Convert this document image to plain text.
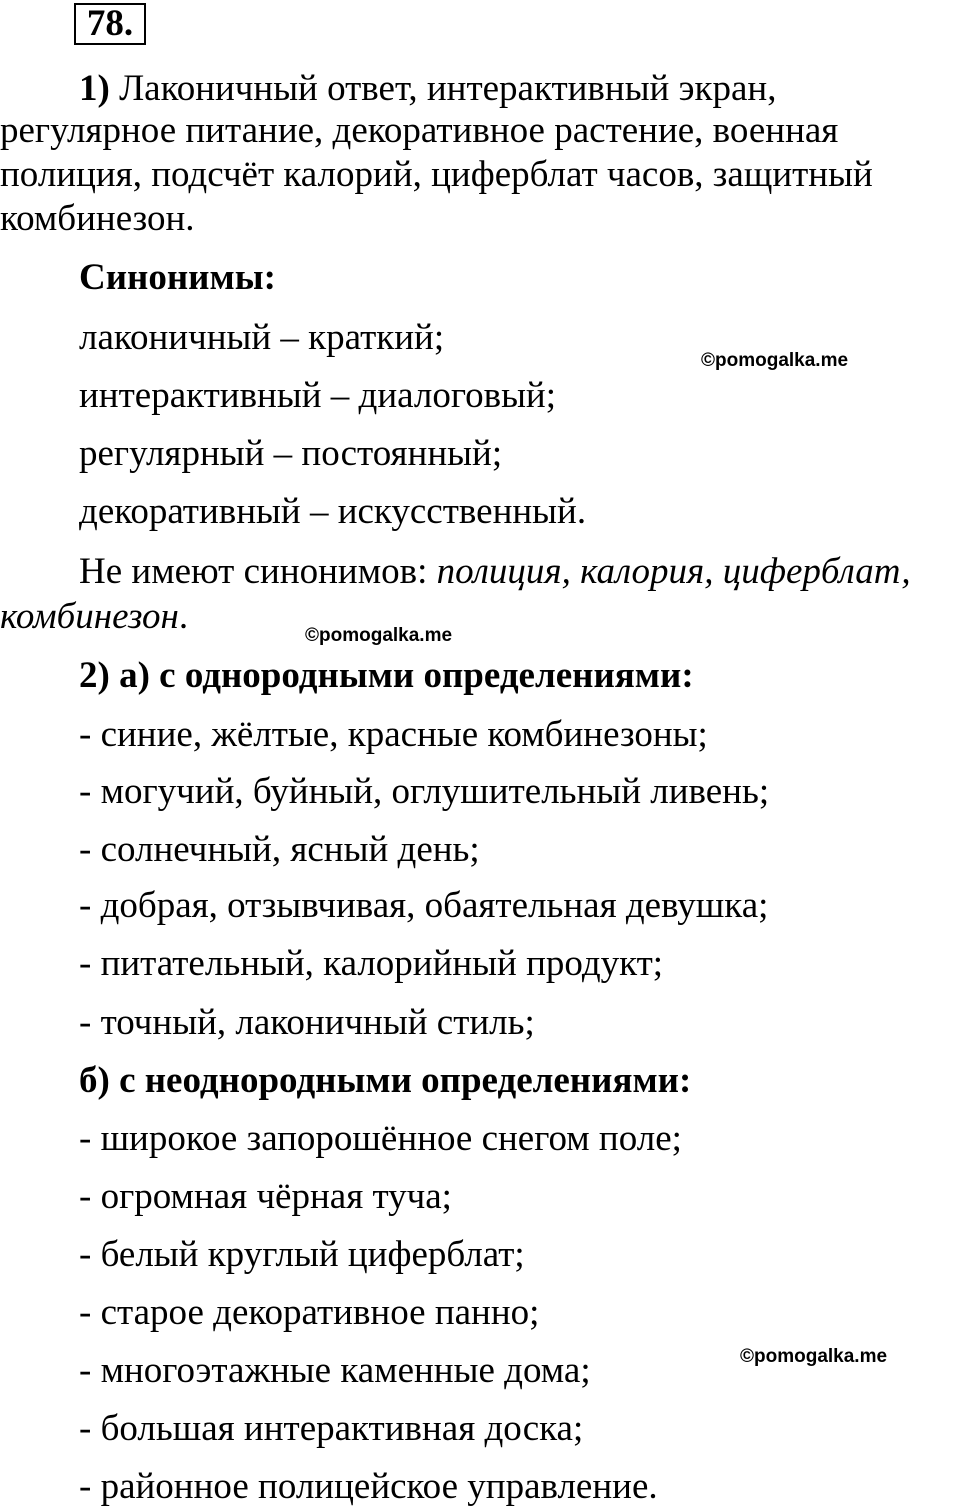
78.
1) Лаконичный ответ, интерактивный экран,
регулярное питание, декоративное растение, военная
полиция, подсчёт калорий, циферблат часов, защитный
комбинезон.
Синонимы:
лаконичный – краткий;
интерактивный – диалоговый;
регулярный – постоянный;
декоративный – искусственный.
Не имеют синонимов: полиция, калория, циферблат,
комбинезон.
2) а) с однородными определениями:
- синие, жёлтые, красные комбинезоны;
- могучий, буйный, оглушительный ливень;
- солнечный, ясный день;
- добрая, отзывчивая, обаятельная девушка;
- питательный, калорийный продукт;
- точный, лаконичный стиль;
б) с неоднородными определениями:
- широкое запорошённое снегом поле;
- огромная чёрная туча;
- белый круглый циферблат;
- старое декоративное панно;
- многоэтажные каменные дома;
- большая интерактивная доска;
- районное полицейское управление.
©pomogalka.me
©pomogalka.me
©pomogalka.me
